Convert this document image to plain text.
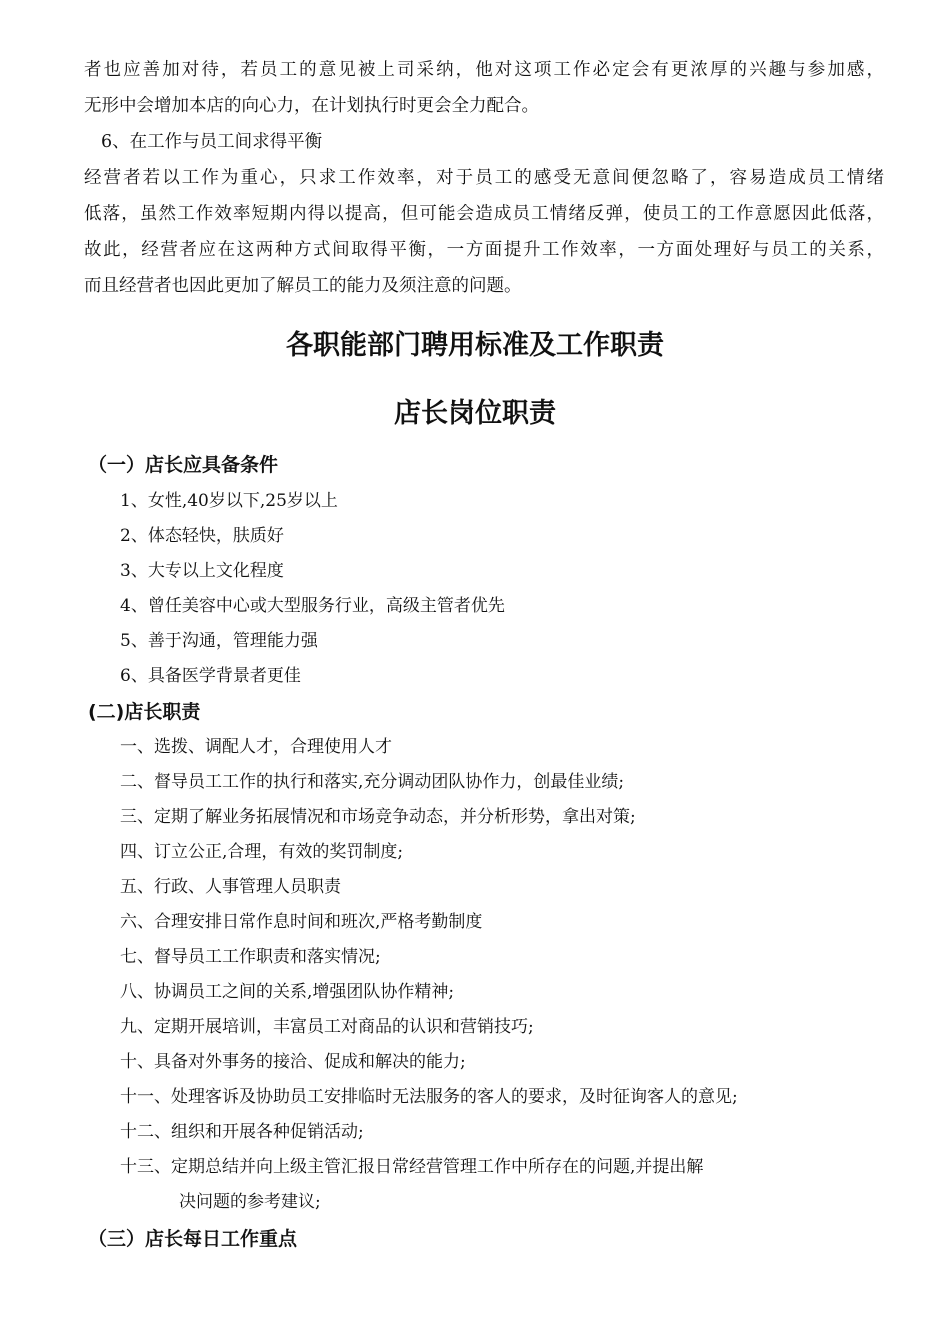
者也应善加对待，若员工的意见被上司采纳，他对这项工作必定会有更浓厚的兴趣与参加感，

无形中会增加本店的向心力，在计划执行时更会全力配合。

6、在工作与员工间求得平衡

经营者若以工作为重心，只求工作效率，对于员工的感受无意间便忽略了，容易造成员工情绪

低落，虽然工作效率短期内得以提高，但可能会造成员工情绪反弹，使员工的工作意愿因此低落，

故此，经营者应在这两种方式间取得平衡，一方面提升工作效率，一方面处理好与员工的关系，

而且经营者也因此更加了解员工的能力及须注意的问题。

各职能部门聘用标准及工作职责
店长岗位职责
（一）店长应具备条件
1、女性,40岁以下,25岁以上
2、体态轻快，肤质好
3、大专以上文化程度
4、曾任美容中心或大型服务行业，高级主管者优先
5、善于沟通，管理能力强
6、具备医学背景者更佳
(二)店长职责
一、选拨、调配人才，合理使用人才
二、督导员工工作的执行和落实,充分调动团队协作力，创最佳业绩;
三、定期了解业务拓展情况和市场竞争动态，并分析形势，拿出对策;
四、订立公正,合理，有效的奖罚制度;
五、行政、人事管理人员职责
六、合理安排日常作息时间和班次,严格考勤制度
七、督导员工工作职责和落实情况;
八、协调员工之间的关系,增强团队协作精神;
九、定期开展培训，丰富员工对商品的认识和营销技巧;
十、具备对外事务的接洽、促成和解决的能力;
十一、处理客诉及协助员工安排临时无法服务的客人的要求，及时征询客人的意见;
十二、组织和开展各种促销活动;
十三、定期总结并向上级主管汇报日常经营管理工作中所存在的问题,并提出解
决问题的参考建议;
（三）店长每日工作重点
